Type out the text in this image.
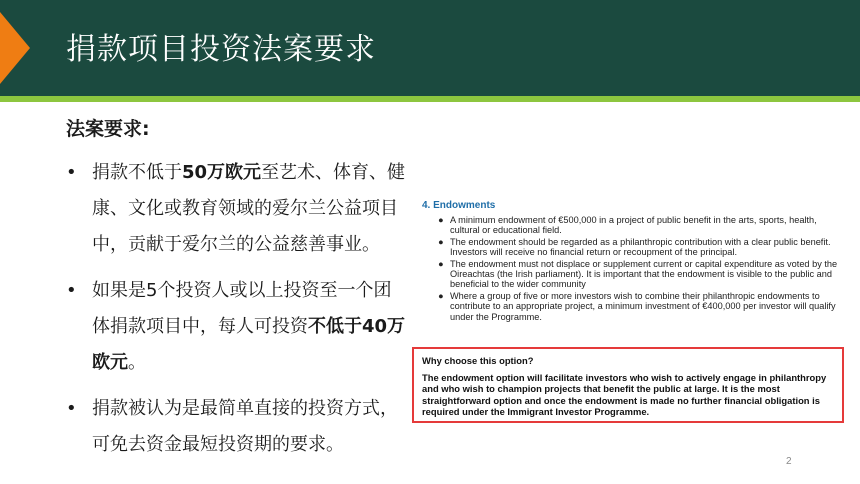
捐款项目投资法案要求
法案要求:
• 捐款不低于50万欧元至艺术、体育、健康、文化或教育领域的爱尔兰公益项目中，贡献于爱尔兰的公益慈善事业。
• 如果是5个投资人或以上投资至一个团体捐款项目中，每人可投资不低于40万欧元。
• 捐款被认为是最简单直接的投资方式，可免去资金最短投资期的要求。
4. Endowments
● A minimum endowment of €500,000 in a project of public benefit in the arts, sports, health, cultural or educational field.
● The endowment should be regarded as a philanthropic contribution with a clear public benefit. Investors will receive no financial return or recoupment of the principal.
● The endowment must not displace or supplement current or capital expenditure as voted by the Oireachtas (the Irish parliament). It is important that the endowment is visible to the public and beneficial to the wider community
● Where a group of five or more investors wish to combine their philanthropic endowments to contribute to an appropriate project, a minimum investment of €400,000 per investor will qualify under the Programme.
Why choose this option?
The endowment option will facilitate investors who wish to actively engage in philanthropy and who wish to champion projects that benefit the public at large. It is the most straightforward option and once the endowment is made no further financial obligation is required under the Immigrant Investor Programme.
2
